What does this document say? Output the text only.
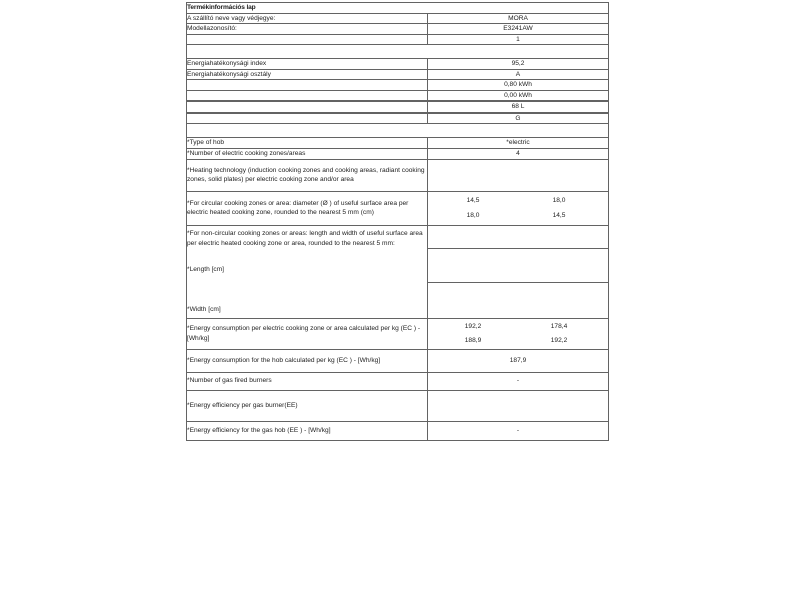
Termékinformációs lap	
A szállító neve vagy védjegye:	MORA
Modellazonosító:	E3241AW
	1

Energiahatékonysági index	95,2
Energiahatékonysági osztály	A
	0,80 kWh
	0,00 kWh

	68 L

	G

*Type of hob	*electric
*Number of electric cooking zones/areas	4
*Heating technology (induction cooking zones and cooking areas, radiant cooking zones, solid plates) per electric cooking zone and/or area	
*For circular cooking zones or area: diameter (Ø ) of useful surface area per electric heated cooking zone, rounded to the nearest 5 mm (cm)	14,5 18,0
18,0 14,5

*For non-circular cooking zones or areas: length and width of useful surface area per electric heated cooking zone or area, rounded to the nearest 5 mm:
*Length [cm]
*Width [cm]	

*Energy consumption per electric cooking zone or area calculated per kg (EC ) - [Wh/kg]	192,2 178,4
188,9 192,2

*Energy consumption for the hob calculated per kg (EC ) - [Wh/kg]	187,9
*Number of gas fired burners	-
*Energy efficiency per gas burner(EE)	
*Energy efficiency for the gas hob (EE ) - [Wh/kg]	-
